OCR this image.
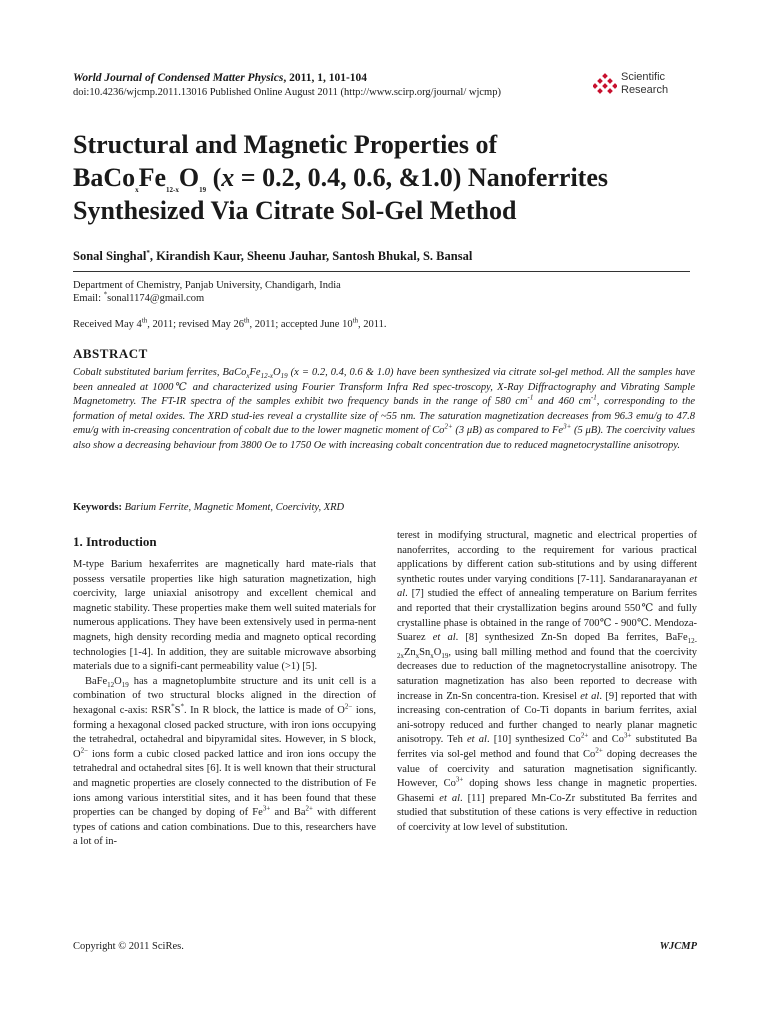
World Journal of Condensed Matter Physics, 2011, 1, 101-104
doi:10.4236/wjcmp.2011.13016 Published Online August 2011 (http://www.scirp.org/journal/ wjcmp)
Scientific
Research
Structural and Magnetic Properties of
$BaCo_xFe_{12-x}O_{19}$ (x = 0.2, 0.4, 0.6, &1.0) Nanoferrites
Synthesized Via Citrate Sol-Gel Method
Sonal Singhal*, Kirandish Kaur, Sheenu Jauhar, Santosh Bhukal, S. Bansal
Department of Chemistry, Panjab University, Chandigarh, India
Email: *sonal1174@gmail.com
Received May 4th, 2011; revised May 26th, 2011; accepted June 10th, 2011.
ABSTRACT
Cobalt substituted barium ferrites, $BaCo_xFe_{12-x}O_{19}$ (x = 0.2, 0.4, 0.6 & 1.0) have been synthesized via citrate sol-gel method. All the samples have been annealed at 1000℃ and characterized using Fourier Transform Infra Red spec-troscopy, X-Ray Diffractography and Vibrating Sample Magnetometry. The FT-IR spectra of the samples exhibit two frequency bands in the range of 580 $cm^{-1}$ and 460 $cm^{-1}$, corresponding to the formation of metal oxides. The XRD stud-ies reveal a crystallite size of ~55 nm. The saturation magnetization decreases from 96.3 emu/g to 47.8 emu/g with in-creasing concentration of cobalt due to the lower magnetic moment of $Co^{2+}$ (3 μB) as compared to $Fe^{3+}$ (5 μB). The coercivity values also show a decreasing behaviour from 3800 Oe to 1750 Oe with increasing cobalt concentration due to reduced magnetocrystalline anisotropy.
Keywords: Barium Ferrite, Magnetic Moment, Coercivity, XRD
1. Introduction

M-type Barium hexaferrites are magnetically hard mate-rials that possess versatile properties like high saturation magnetization, high coercivity, large uniaxial anisotropy and excellent chemical and magnetic stability. These properties make them well suited materials for numerous applications. They have been extensively used in perma-nent magnets, high density recording media and magneto optical recording technologies [1-4]. In addition, they are suitable microwave absorbing materials due to a signifi-cant permeability value (>1) [5].

$BaFe_{12}O_{19}$ has a magnetoplumbite structure and its unit cell is a combination of two structural blocks aligned in the direction of hexagonal c-axis: RSR*S*. In R block, the lattice is made of $O^{2-}$ ions, forming a hexagonal closed packed structure, with iron ions occupying the tetrahedral, octahedral and bipyramidal sites. However, in S block, $O^{2-}$ ions form a cubic closed packed lattice and iron ions occupy the tetrahedral and octahedral sites [6]. It is well known that their structural and magnetic properties are closely connected to the distribution of Fe ions among various interstitial sites, and it has been found that these properties can be changed by doping of $Fe^{3+}$ and $Ba^{2+}$ with different types of cations and cation combinations. Due to this, researchers have a lot of in-

terest in modifying structural, magnetic and electrical properties of nanoferrites, according to the requirement for various practical applications by different cation sub-stitutions and by using different synthetic routes under varying conditions [7-11]. Sandaranarayanan et al. [7] studied the effect of annealing temperature on Barium ferrites and reported that their crystallization begins around 550℃ and fully crystalline phase is obtained in the range of 700℃ - 900℃. Mendoza-Suarez et al. [8] synthesized Zn-Sn doped Ba ferrites, $BaFe_{12-2x}Zn_xSn_xO_{19}$, using ball milling method and found that the coercivity decreases due to reduction of the magnetocrystalline anisotropy. The saturation magnetization has also been reported to decrease with increase in Zn-Sn concentra-tion. Kresisel et al. [9] reported that with increasing con-centration of Co-Ti dopants in barium ferrites, axial ani-sotropy reduced and further changed to nearly planar magnetic anisotropy. Teh et al. [10] synthesized $Co^{2+}$ and $Co^{3+}$ substituted Ba ferrites via sol-gel method and found that $Co^{2+}$ doping decreases the value of coercivity and saturation magnetisation significantly. However, $Co^{3+}$ doping shows less change in magnetic properties. Ghasemi et al. [11] prepared Mn-Co-Zr substituted Ba ferrites and studied that substitution of these cations is very effective in reduction of coercivity at low level of substitution.

Copyright © 2011 SciRes.	WJCMP
